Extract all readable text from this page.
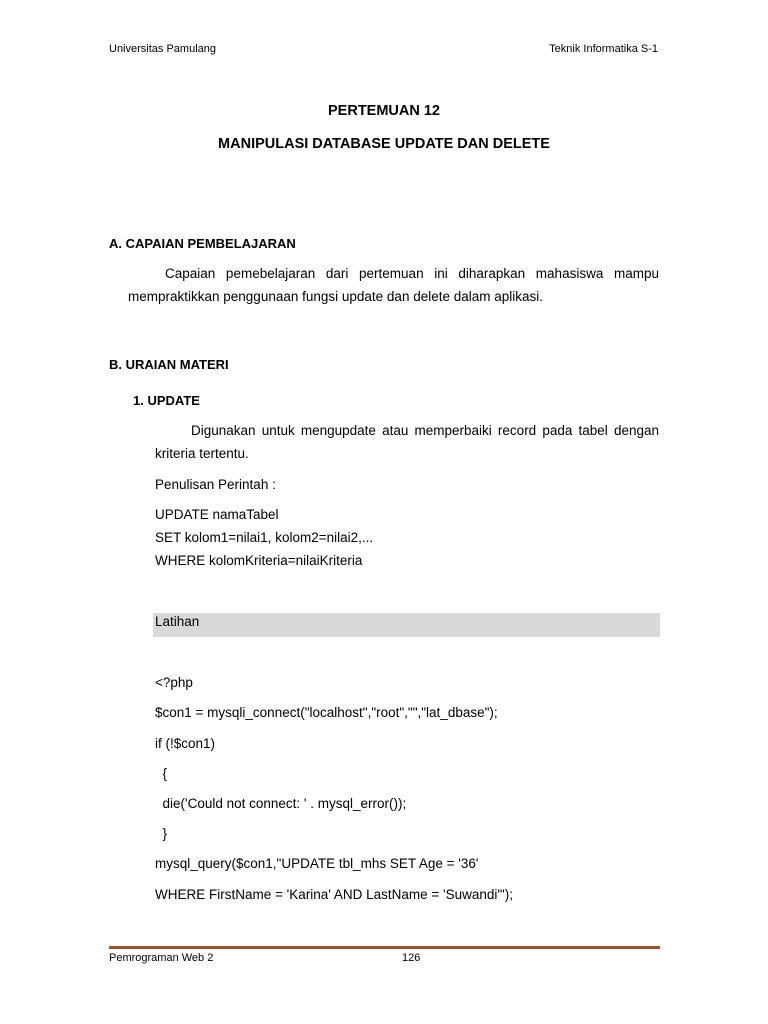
Universitas Pamulang	Teknik Informatika S-1
PERTEMUAN 12
MANIPULASI DATABASE UPDATE DAN DELETE
A. CAPAIAN PEMBELAJARAN
Capaian pemebelajaran dari pertemuan ini diharapkan mahasiswa mampu
mempraktikkan penggunaan fungsi update dan delete dalam aplikasi.
B. URAIAN MATERI
1. UPDATE
Digunakan untuk mengupdate atau memperbaiki record pada tabel dengan
kriteria tertentu.
Penulisan Perintah :
UPDATE namaTabel
SET kolom1=nilai1, kolom2=nilai2,...
WHERE kolomKriteria=nilaiKriteria
Latihan
<?php
$con1 = mysqli_connect("localhost","root","","lat_dbase");
if (!$con1)
{
die('Could not connect: ' . mysql_error());
}
mysql_query($con1,"UPDATE tbl_mhs SET Age = '36'
WHERE FirstName = 'Karina' AND LastName = 'Suwandi'");
Pemrograman Web 2	126
